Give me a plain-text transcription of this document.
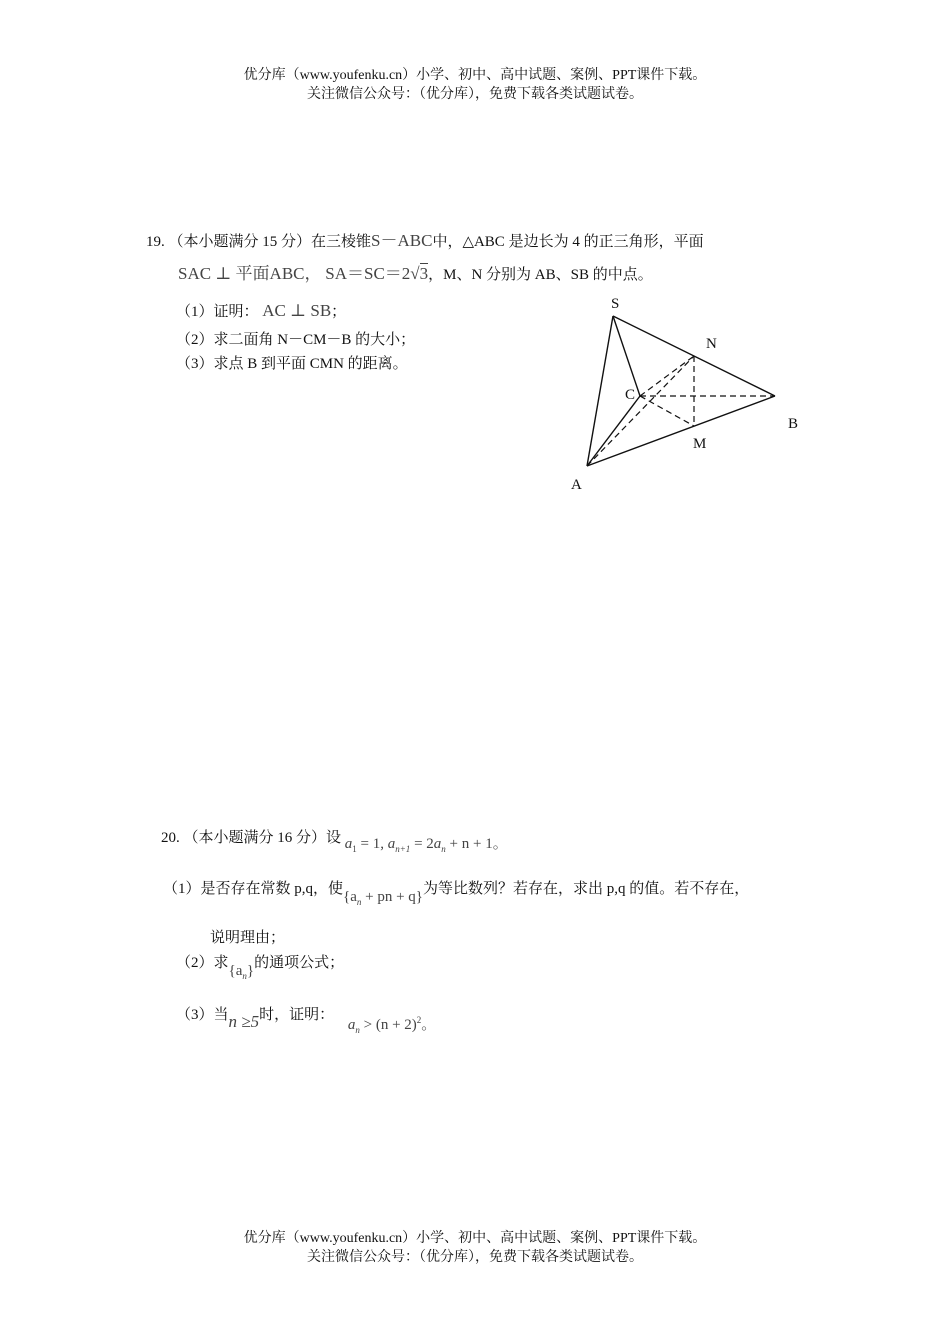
优分库（www.youfenku.cn）小学、初中、高中试题、案例、PPT课件下载。
关注微信公众号：（优分库），免费下载各类试题试卷。
19. （本小题满分 15 分）在三棱锥S－ABC中，△ABC 是边长为 4 的正三角形，平面
SAC ⊥ 平面ABC， SA＝SC＝2√3，M、N 分别为 AB、SB 的中点。
（1）证明： AC ⊥ SB；
（2）求二面角 N－CM－B 的大小；
（3）求点 B 到平面 CMN 的距离。
S
N
C
B
M
A
20. （本小题满分 16 分）设 $a_1 = 1$, $a_{n+1} = 2a_n + n + 1$。
（1）是否存在常数 p,q，使{$a_n$ + pn + q}为等比数列？若存在，求出 p,q 的值。若不存在，
说明理由；
（2）求$\{a_n\}$的通项公式；
（3）当n ≥5时，证明： $a_n > (n + 2)^2$。
优分库（www.youfenku.cn）小学、初中、高中试题、案例、PPT课件下载。
关注微信公众号：（优分库），免费下载各类试题试卷。
